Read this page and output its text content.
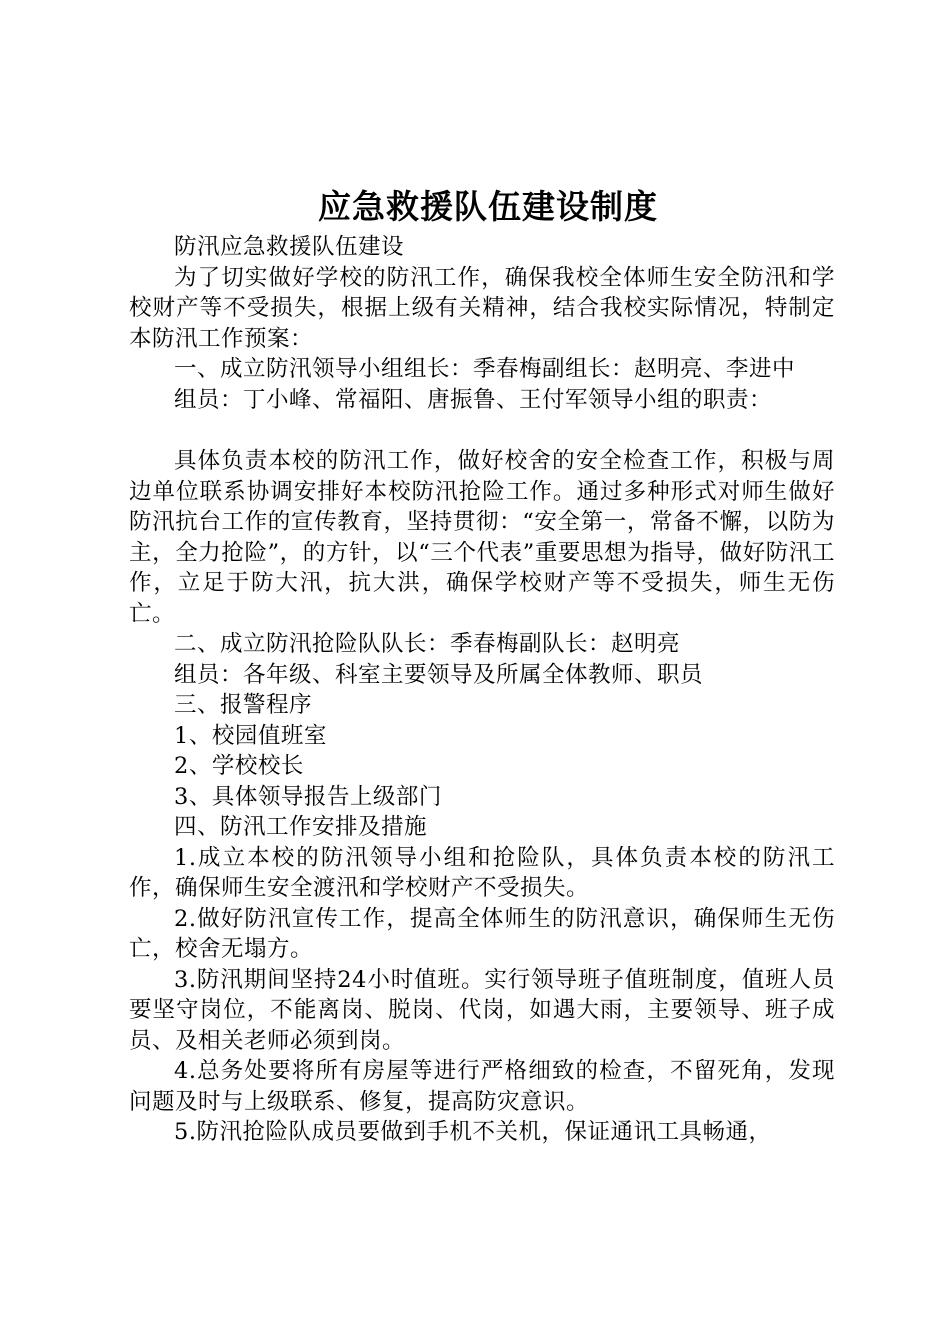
应急救援队伍建设制度

防汛应急救援队伍建设

为了切实做好学校的防汛工作，确保我校全体师生安全防汛和学校财产等不受损失，根据上级有关精神，结合我校实际情况，特制定本防汛工作预案：

一、成立防汛领导小组组长：季春梅副组长：赵明亮、李进中

组员：丁小峰、常福阳、唐振鲁、王付军领导小组的职责：

具体负责本校的防汛工作，做好校舍的安全检查工作，积极与周边单位联系协调安排好本校防汛抢险工作。通过多种形式对师生做好防汛抗台工作的宣传教育，坚持贯彻：“安全第一，常备不懈，以防为主，全力抢险”，的方针，以“三个代表”重要思想为指导，做好防汛工作，立足于防大汛，抗大洪，确保学校财产等不受损失，师生无伤亡。

二、成立防汛抢险队队长：季春梅副队长：赵明亮

组员：各年级、科室主要领导及所属全体教师、职员

三、报警程序

1、校园值班室

2、学校校长

3、具体领导报告上级部门

四、防汛工作安排及措施

1.成立本校的防汛领导小组和抢险队，具体负责本校的防汛工作，确保师生安全渡汛和学校财产不受损失。

2.做好防汛宣传工作，提高全体师生的防汛意识，确保师生无伤亡，校舍无塌方。

3.防汛期间坚持24小时值班。实行领导班子值班制度，值班人员要坚守岗位，不能离岗、脱岗、代岗，如遇大雨，主要领导、班子成员、及相关老师必须到岗。

4.总务处要将所有房屋等进行严格细致的检查，不留死角，发现问题及时与上级联系、修复，提高防灾意识。

5.防汛抢险队成员要做到手机不关机，保证通讯工具畅通，
